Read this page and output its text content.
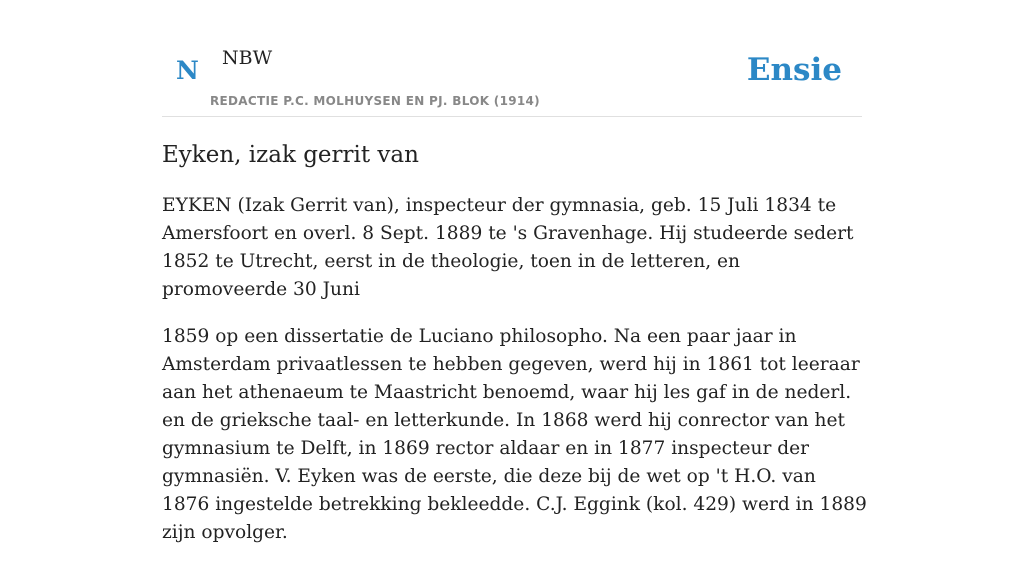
N NBW
REDACTIE P.C. MOLHUYSEN EN PJ. BLOK (1914)
Ensie
Eyken, izak gerrit van

EYKEN (Izak Gerrit van), inspecteur der gymnasia, geb. 15 Juli 1834 te Amersfoort en overl. 8 Sept. 1889 te 's Gravenhage. Hij studeerde sedert 1852 te Utrecht, eerst in de theologie, toen in de letteren, en promoveerde 30 Juni

1859 op een dissertatie de Luciano philosopho. Na een paar jaar in Amsterdam privaatlessen te hebben gegeven, werd hij in 1861 tot leeraar aan het athenaeum te Maastricht benoemd, waar hij les gaf in de nederl. en de grieksche taal- en letterkunde. In 1868 werd hij conrector van het gymnasium te Delft, in 1869 rector aldaar en in 1877 inspecteur der gymnasiën. V. Eyken was de eerste, die deze bij de wet op 't H.O. van 1876 ingestelde betrekking bekleedde. C.J. Eggink (kol. 429) werd in 1889 zijn opvolger.
